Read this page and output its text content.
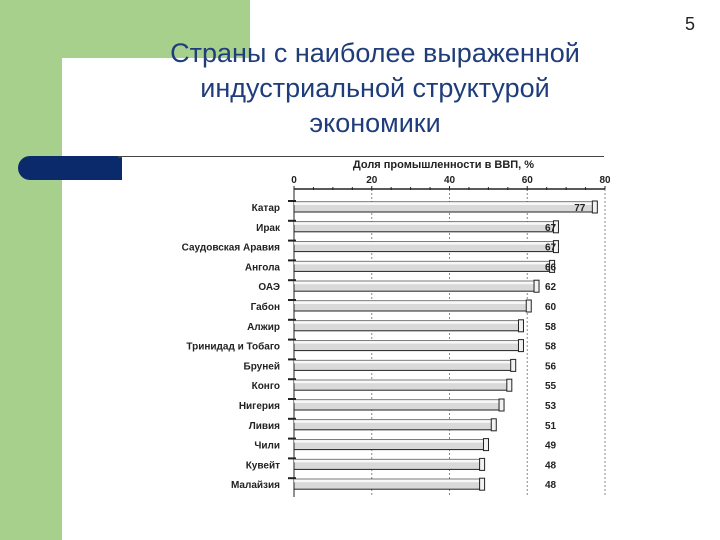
5
Страны с наиболее выраженной
индустриальной структурой
экономики
Доля промышленности в ВВП, %
0	20	40	60	80
Катар	77
Ирак	67
Саудовская Аравия	67
Ангола	66
ОАЭ	62
Габон	60
Алжир	58
Тринидад и Тобаго	58
Бруней	56
Конго	55
Нигерия	53
Ливия	51
Чили	49
Кувейт	48
Малайзия	48
